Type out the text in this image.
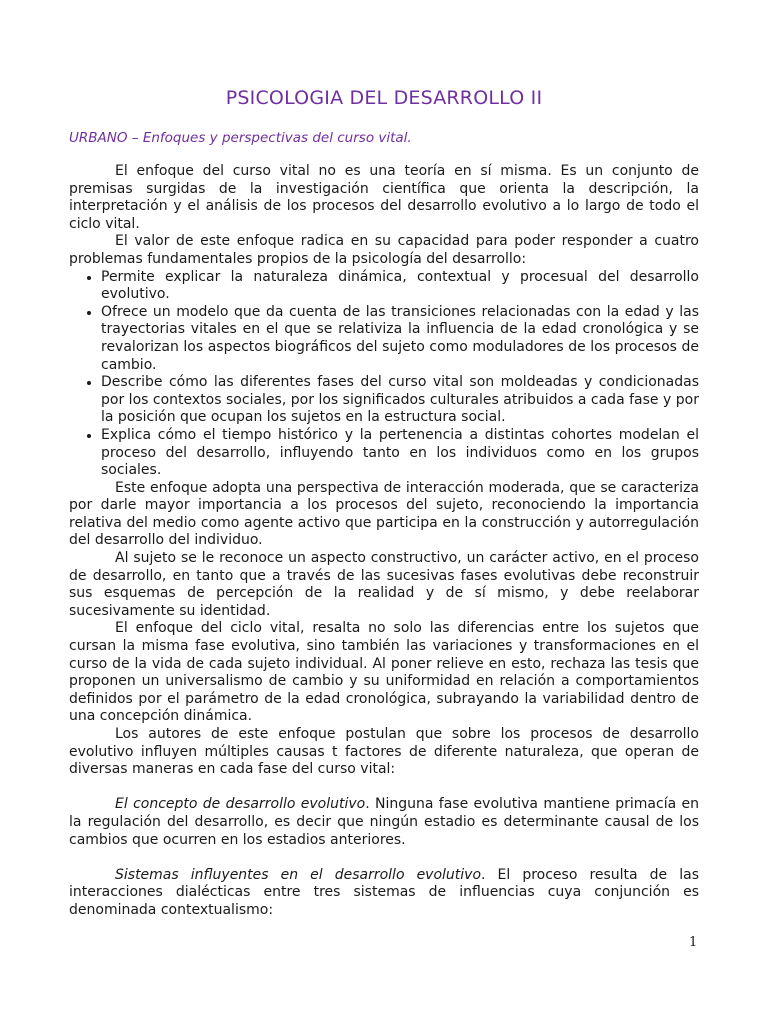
PSICOLOGIA DEL DESARROLLO II
URBANO – Enfoques y perspectivas del curso vital.

El enfoque del curso vital no es una teoría en sí misma. Es un conjunto de premisas surgidas de la investigación científica que orienta la descripción, la interpretación y el análisis de los procesos del desarrollo evolutivo a lo largo de todo el ciclo vital.

El valor de este enfoque radica en su capacidad para poder responder a cuatro problemas fundamentales propios de la psicología del desarrollo:

• Permite explicar la naturaleza dinámica, contextual y procesual del desarrollo evolutivo.
• Ofrece un modelo que da cuenta de las transiciones relacionadas con la edad y las trayectorias vitales en el que se relativiza la influencia de la edad cronológica y se revalorizan los aspectos biográficos del sujeto como moduladores de los procesos de cambio.
• Describe cómo las diferentes fases del curso vital son moldeadas y condicionadas por los contextos sociales, por los significados culturales atribuidos a cada fase y por la posición que ocupan los sujetos en la estructura social.
• Explica cómo el tiempo histórico y la pertenencia a distintas cohortes modelan el proceso del desarrollo, influyendo tanto en los individuos como en los grupos sociales.

Este enfoque adopta una perspectiva de interacción moderada, que se caracteriza por darle mayor importancia a los procesos del sujeto, reconociendo la importancia relativa del medio como agente activo que participa en la construcción y autorregulación del desarrollo del individuo.

Al sujeto se le reconoce un aspecto constructivo, un carácter activo, en el proceso de desarrollo, en tanto que a través de las sucesivas fases evolutivas debe reconstruir sus esquemas de percepción de la realidad y de sí mismo, y debe reelaborar sucesivamente su identidad.

El enfoque del ciclo vital, resalta no solo las diferencias entre los sujetos que cursan la misma fase evolutiva, sino también las variaciones y transformaciones en el curso de la vida de cada sujeto individual. Al poner relieve en esto, rechaza las tesis que proponen un universalismo de cambio y su uniformidad en relación a comportamientos definidos por el parámetro de la edad cronológica, subrayando la variabilidad dentro de una concepción dinámica.

Los autores de este enfoque postulan que sobre los procesos de desarrollo evolutivo influyen múltiples causas t factores de diferente naturaleza, que operan de diversas maneras en cada fase del curso vital:

El concepto de desarrollo evolutivo. Ninguna fase evolutiva mantiene primacía en la regulación del desarrollo, es decir que ningún estadio es determinante causal de los cambios que ocurren en los estadios anteriores.

Sistemas influyentes en el desarrollo evolutivo. El proceso resulta de las interacciones dialécticas entre tres sistemas de influencias cuya conjunción es denominada contextualismo:

1
